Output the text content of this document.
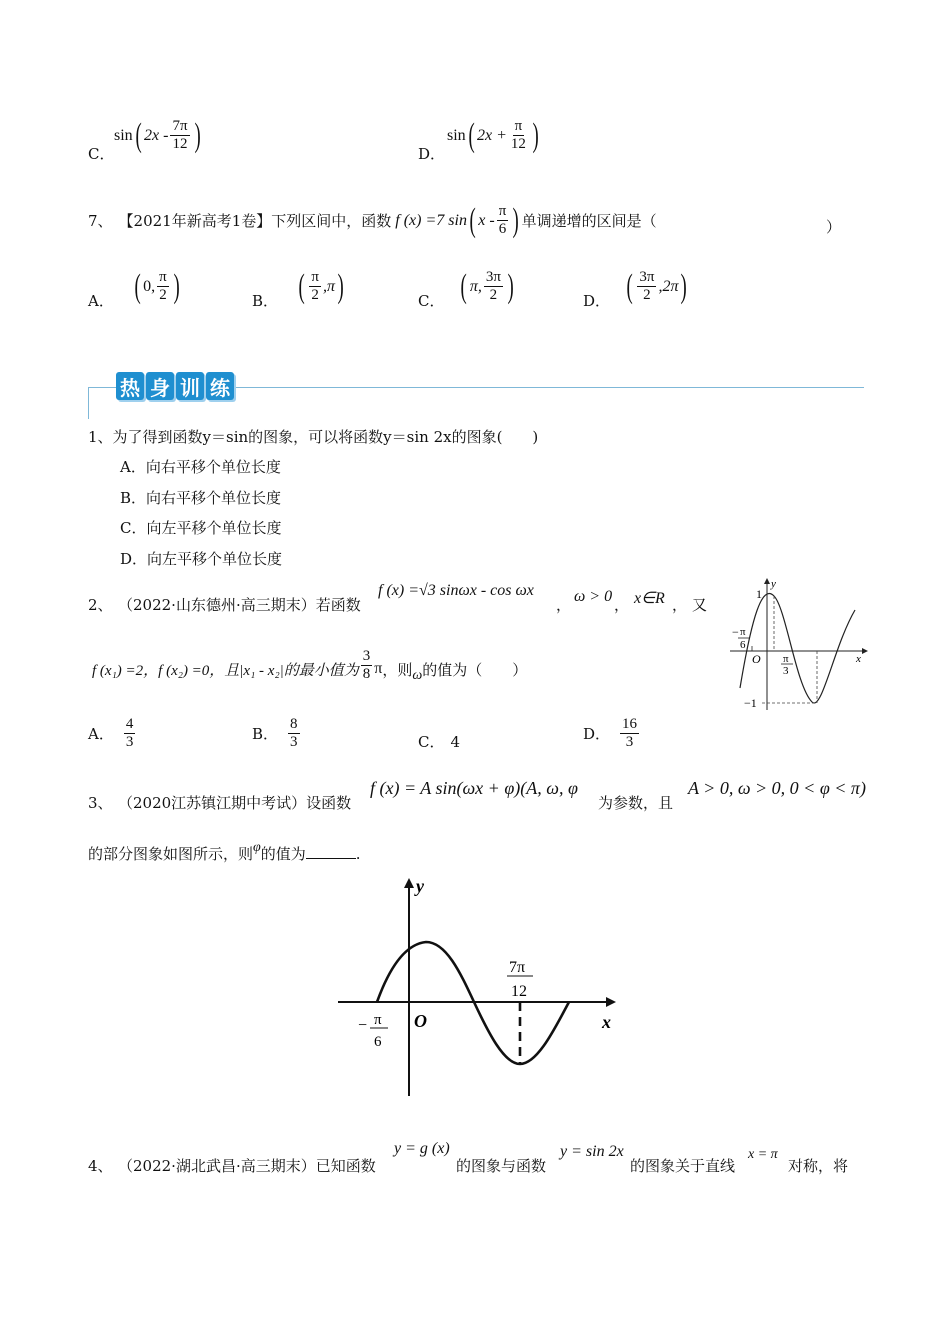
C．
sin( $2x - \frac{7\pi}{12}$ )
D．
sin( $2x + \frac{\pi}{12}$ )
7、 【2021年新高考1卷】 下列区间中，函数 f (x) =7 sin ( x - $\frac{\pi}{6}$ ) 单调递增的区间是（	）
A． ( 0, $\frac{\pi}{2}$ )	B． ( $\frac{\pi}{2} ,\pi$ )	C． ( π, $\frac{3\pi}{2}$ )	D． ( $\frac{3\pi}{2} ,2\pi$ )
热 身 训 练
1、为了得到函数y＝sin的图象，可以将函数y＝sin 2x的图象(　　)
A．向右平移个单位长度
B．向右平移个单位长度
C．向左平移个单位长度
D．向左平移个单位长度
2、 （2022·山东德州·高三期末）若函数
f (x) =√3 sinωx - cos ωx
， ω > 0 ， x∈R ， 又
f (x₁) =2，f (x₂) =0，且|x₁ - x₂|的最小值为 $\frac{3}{8}$ π ，则 ω 的值为（　　）
A． $\frac{4}{3}$	B． $\frac{8}{3}$	C． 4	D． $\frac{16}{3}$
y
x
1
−1
O
− π
6
π
3
3、 （2020江苏镇江期中考试）设函数
f (x) = A sin(ωx + φ)(A, ω, φ
为参数，且
A > 0, ω > 0, 0 < φ < π)
的部分图象如图所示，则 φ 的值为	.
y
x
O
7π
12
− π
6
4、 （2022·湖北武昌·高三期末）已知函数
y = g (x)
的图象与函数
y = sin 2x
的图象关于直线
x = π
对称，将
